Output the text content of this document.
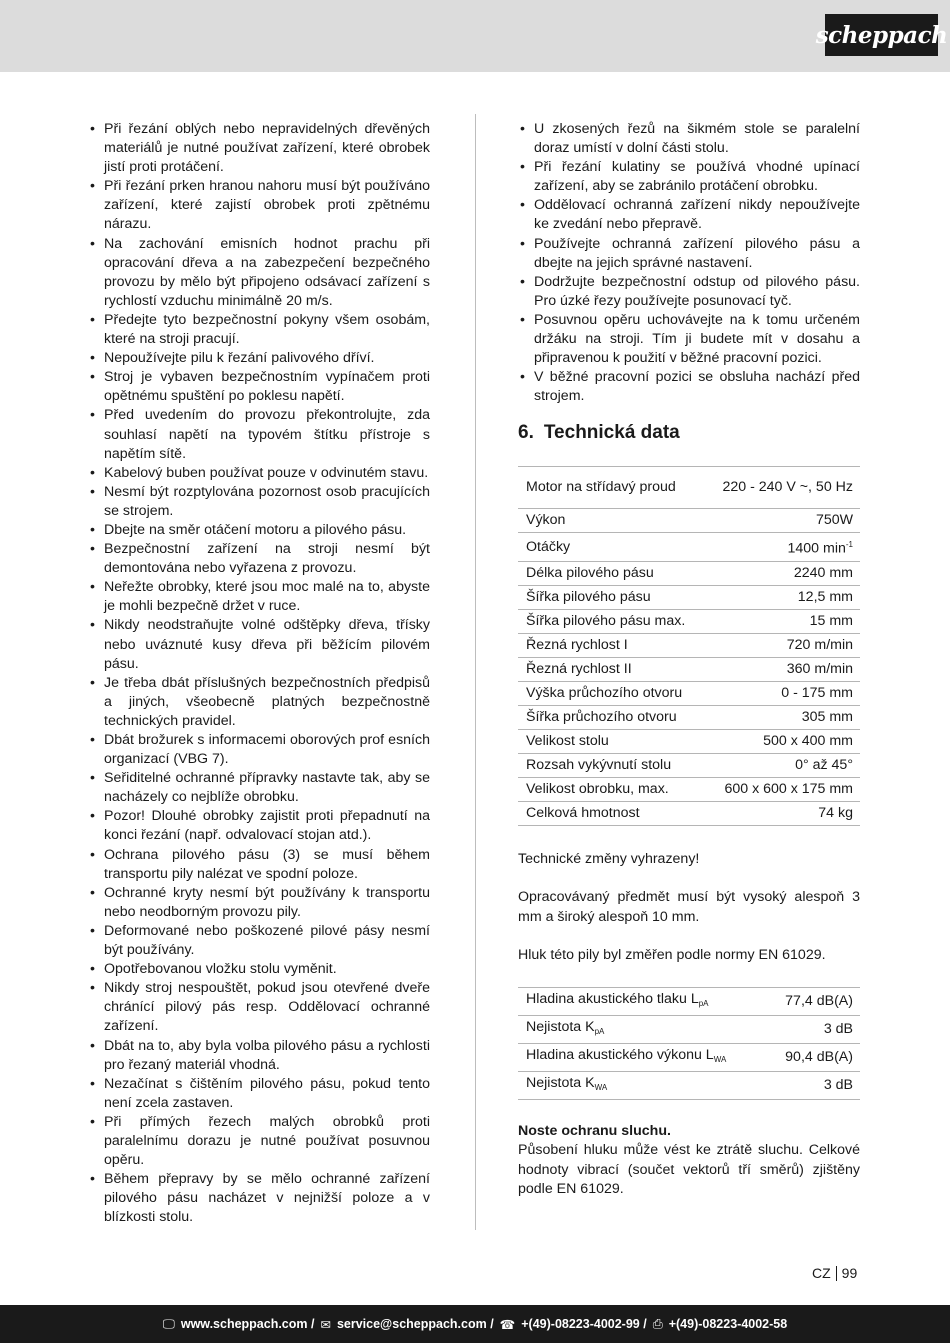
scheppach
• Při řezání oblých nebo nepravidelných dřevěných materiálů je nutné používat zařízení, které obrobek jistí proti protáčení.
• Při řezání prken hranou nahoru musí být používáno zařízení, které zajistí obrobek proti zpětnému nárazu.
• Na zachování emisních hodnot prachu při opracování dřeva a na zabezpečení bezpečného provozu by mělo být připojeno odsávací zařízení s rychlostí vzduchu minimálně 20 m/s.
• Předejte tyto bezpečnostní pokyny všem osobám, které na stroji pracují.
• Nepoužívejte pilu k řezání palivového dříví.
• Stroj je vybaven bezpečnostním vypínačem proti opětnému spuštění po poklesu napětí.
• Před uvedením do provozu překontrolujte, zda souhlasí napětí na typovém štítku přístroje s napětím sítě.
• Kabelový buben používat pouze v odvinutém stavu.
• Nesmí být rozptylována pozornost osob pracujících se strojem.
• Dbejte na směr otáčení motoru a pilového pásu.
• Bezpečnostní zařízení na stroji nesmí být demontována nebo vyřazena z provozu.
• Neřežte obrobky, které jsou moc malé na to, abyste je mohli bezpečně držet v ruce.
• Nikdy neodstraňujte volné odštěpky dřeva, třísky nebo uváznuté kusy dřeva při běžícím pilovém pásu.
• Je třeba dbát příslušných bezpečnostních předpisů a jiných, všeobecně platných bezpečnostně technických pravidel.
• Dbát brožurek s informacemi oborových prof esních organizací (VBG 7).
• Seřiditelné ochranné přípravky nastavte tak, aby se nacházely co nejblíže obrobku.
• Pozor! Dlouhé obrobky zajistit proti přepadnutí na konci řezání (např. odvalovací stojan atd.).
• Ochrana pilového pásu (3) se musí během transportu pily nalézat ve spodní poloze.
• Ochranné kryty nesmí být používány k transportu nebo neodborným provozu pily.
• Deformované nebo poškozené pilové pásy nesmí být používány.
• Opotřebovanou vložku stolu vyměnit.
• Nikdy stroj nespouštět, pokud jsou otevřené dveře chránící pilový pás resp. Oddělovací ochranné zařízení.
• Dbát na to, aby byla volba pilového pásu a rychlosti pro řezaný materiál vhodná.
• Nezačínat s čištěním pilového pásu, pokud tento není zcela zastaven.
• Při přímých řezech malých obrobků proti paralelnímu dorazu je nutné používat posuvnou opěru.
• Během přepravy by se mělo ochranné zařízení pilového pásu nacházet v nejnižší poloze a v blízkosti stolu.
• U zkosených řezů na šikmém stole se paralelní doraz umístí v dolní části stolu.
• Při řezání kulatiny se používá vhodné upínací zařízení, aby se zabránilo protáčení obrobku.
• Oddělovací ochranná zařízení nikdy nepoužívejte ke zvedání nebo přepravě.
• Používejte ochranná zařízení pilového pásu a dbejte na jejich správné nastavení.
• Dodržujte bezpečnostní odstup od pilového pásu. Pro úzké řezy používejte posunovací tyč.
• Posuvnou opěru uchovávejte na k tomu určeném držáku na stroji. Tím ji budete mít v dosahu a připravenou k použití v běžné pracovní pozici.
• V běžné pracovní pozici se obsluha nachází před strojem.
6. Technická data
Motor na střídavý proud	220 - 240 V ~, 50 Hz
Výkon	750W
Otáčky	1400 $\min^{-1}$
Délka pilového pásu	2240 mm
Šířka pilového pásu	12,5 mm
Šířka pilového pásu max.	15 mm
Řezná rychlost I	720 m/min
Řezná rychlost II	360 m/min
Výška průchozího otvoru	0 - 175 mm
Šířka průchozího otvoru	305 mm
Velikost stolu	500 x 400 mm
Rozsah vykývnutí stolu	0° až 45°
Velikost obrobku, max.	600 x 600 x 175 mm
Celková hmotnost	74 kg

Technické změny vyhrazeny!

Opracovávaný předmět musí být vysoký alespoň 3 mm a široký alespoň 10 mm.

Hluk této pily byl změřen podle normy EN 61029.

Hladina akustického tlaku $L_{pA}$	77,4 dB(A)
Nejistota $K_{pA}$	3 dB
Hladina akustického výkonu $L_{WA}$	90,4 dB(A)
Nejistota $K_{WA}$	3 dB

Noste ochranu sluchu.

Působení hluku může vést ke ztrátě sluchu. Celkové hodnoty vibrací (součet vektorů tří směrů) zjištěny podle EN 61029.

CZ 99
🖵 www.scheppach.com / ✉ service@scheppach.com / ☎ +(49)-08223-4002-99 / ⎙ +(49)-08223-4002-58
